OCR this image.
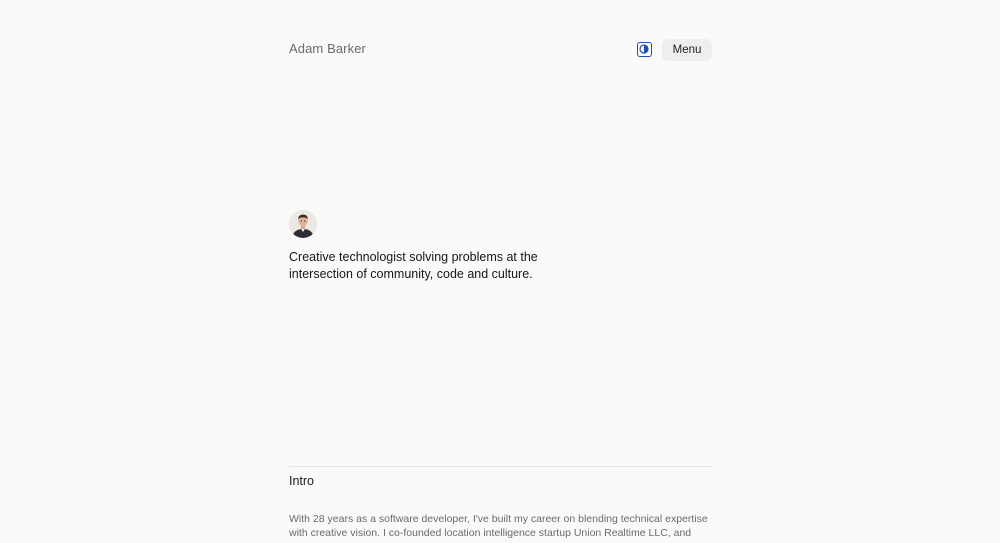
Adam Barker	Menu

Creative technologist solving problems at the intersection of community, code and culture.

Intro

With 28 years as a software developer, I've built my career on blending technical expertise with creative vision. I co-founded location intelligence startup Union Realtime LLC, and
